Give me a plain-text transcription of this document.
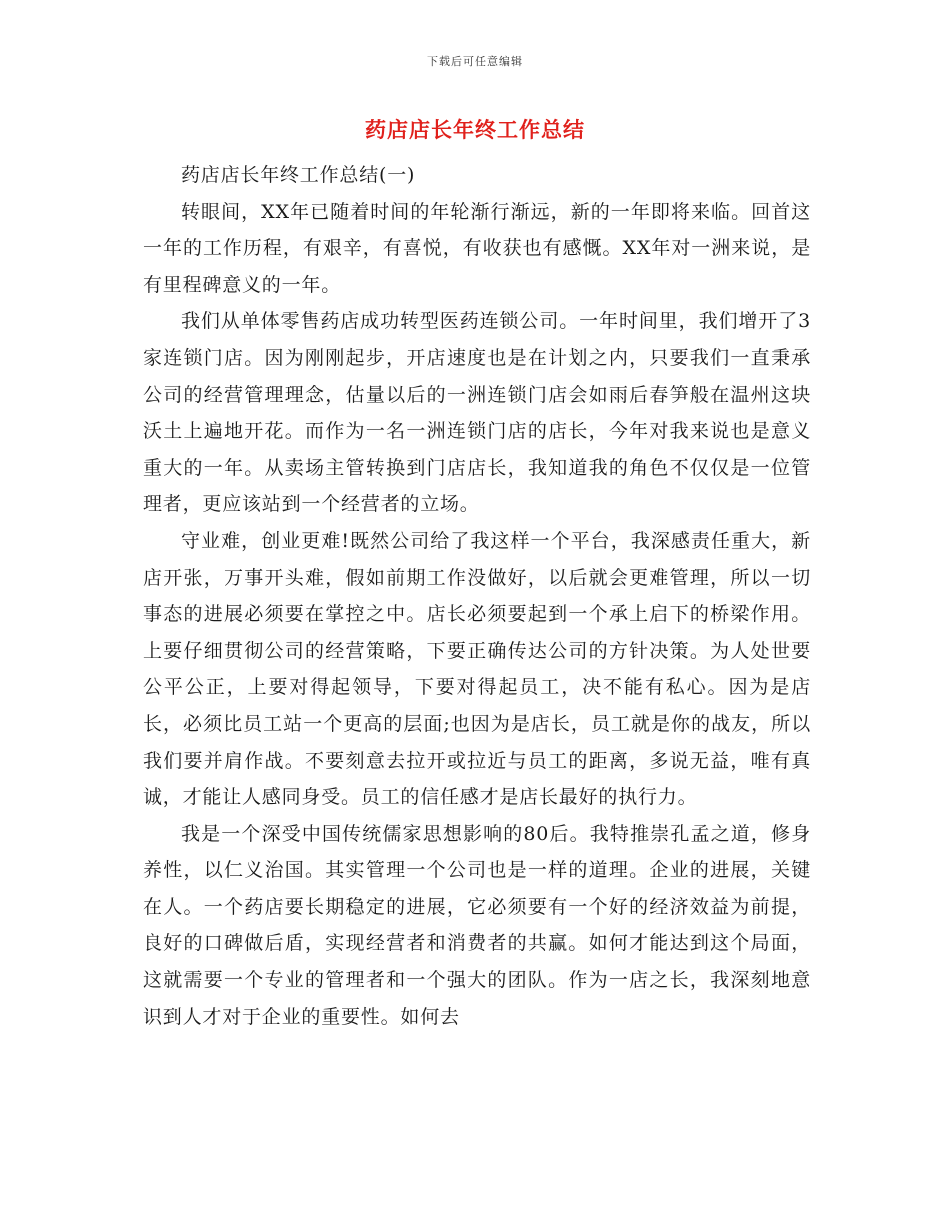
下载后可任意编辑
药店店长年终工作总结

药店店长年终工作总结(一)

转眼间，XX年已随着时间的年轮渐行渐远，新的一年即将来临。回首这一年的工作历程，有艰辛，有喜悦，有收获也有感慨。XX年对一洲来说，是有里程碑意义的一年。

我们从单体零售药店成功转型医药连锁公司。一年时间里，我们增开了3家连锁门店。因为刚刚起步，开店速度也是在计划之内，只要我们一直秉承公司的经营管理理念，估量以后的一洲连锁门店会如雨后春笋般在温州这块沃土上遍地开花。而作为一名一洲连锁门店的店长，今年对我来说也是意义重大的一年。从卖场主管转换到门店店长，我知道我的角色不仅仅是一位管理者，更应该站到一个经营者的立场。

守业难，创业更难!既然公司给了我这样一个平台，我深感责任重大，新店开张，万事开头难，假如前期工作没做好，以后就会更难管理，所以一切事态的进展必须要在掌控之中。店长必须要起到一个承上启下的桥梁作用。上要仔细贯彻公司的经营策略，下要正确传达公司的方针决策。为人处世要公平公正，上要对得起领导，下要对得起员工，决不能有私心。因为是店长，必须比员工站一个更高的层面;也因为是店长，员工就是你的战友，所以我们要并肩作战。不要刻意去拉开或拉近与员工的距离，多说无益，唯有真诚，才能让人感同身受。员工的信任感才是店长最好的执行力。

我是一个深受中国传统儒家思想影响的80后。我特推崇孔孟之道，修身养性，以仁义治国。其实管理一个公司也是一样的道理。企业的进展，关键在人。一个药店要长期稳定的进展，它必须要有一个好的经济效益为前提，良好的口碑做后盾，实现经营者和消费者的共赢。如何才能达到这个局面，这就需要一个专业的管理者和一个强大的团队。作为一店之长，我深刻地意识到人才对于企业的重要性。如何去
